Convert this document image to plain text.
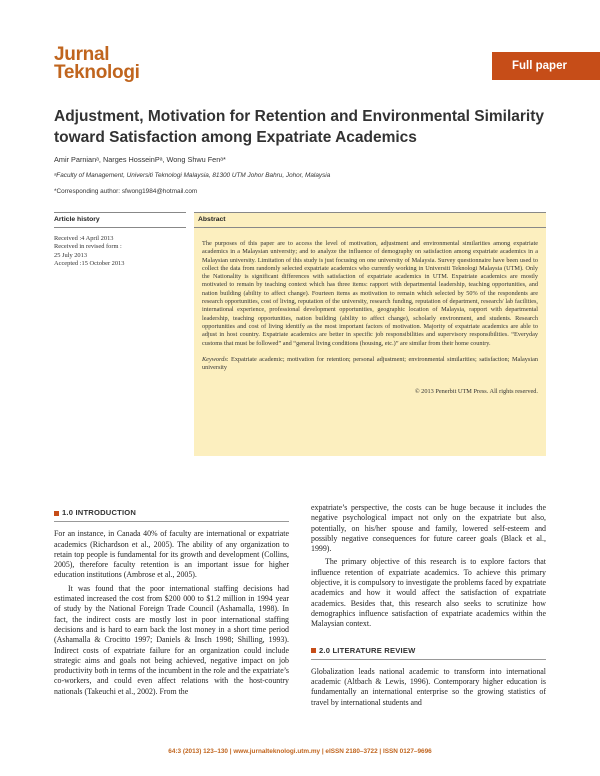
Jurnal
Teknologi	Full paper
Adjustment, Motivation for Retention and Environmental Similarity toward Satisfaction among Expatriate Academics
Amir Parnianᵃ, Narges HosseinPᵃ, Wong Shwu Fenᵃ*
ᵃFaculty of Management, Universiti Teknologi Malaysia, 81300 UTM Johor Bahru, Johor, Malaysia
*Corresponding author: sfwong1984@hotmail.com
Article history
Received :4 April 2013
Received in revised form :
25 July 2013
Accepted :15 October 2013
Abstract
The purposes of this paper are to access the level of motivation, adjustment and environmental similarities among expatriate academics in a Malaysian university; and to analyze the influence of demography on satisfaction among expatriate academics in a Malaysian university. Limitation of this study is just focusing on one university of Malaysia. Survey questionnaire have been used to collect the data from randomly selected expatriate academics who currently working in Universiti Teknologi Malaysia (UTM). Only the Nationality is significant differences with satisfaction of expatriate academics in UTM. Expatriate academics are mostly motivated to remain by teaching context which has three items: rapport with departmental leadership, teaching opportunities, and nation building (ability to affect change). Fourteen items as motivation to remain which selected by 50% of the respondents are research opportunities, cost of living, reputation of the university, research funding, reputation of department, research/ lab facilities, international experience, professional development opportunities, geographic location of Malaysia, rapport with departmental leadership, teaching opportunities, nation building (ability to affect change), scholarly environment, and students. Research opportunities and cost of living identify as the most important factors of motivation. Majority of expatriate academics are able to adjust in host country. Expatriate academics are better in specific job responsibilities and supervisory responsibilities. “Everyday customs that must be followed” and “general living conditions (housing, etc.)” are similar from their home country.
Keywords: Expatriate academic; motivation for retention; personal adjustment; environmental similarities; satisfaction; Malaysian university
© 2013 Penerbit UTM Press. All rights reserved.
1.0 INTRODUCTION

For an instance, in Canada 40% of faculty are international or expatriate academics (Richardson et al., 2005). The ability of any organization to retain top people is fundamental for its growth and development (Collins, 2005), therefore faculty retention is an important issue for higher education institutions (Ambrose et al., 2005).

It was found that the poor international staffing decisions had estimated increased the cost from $200 000 to $1.2 million in 1994 year of study by the National Foreign Trade Council (Ashamalla, 1998). In fact, the indirect costs are mostly lost in poor international staffing decisions and is hard to earn back the lost money in a short time period (Ashamalla & Crocitto 1997; Daniels & Insch 1998; Shilling, 1993). Indirect costs of expatriate failure for an organization could include strategic aims and goals not being achieved, negative impact on job productivity both in terms of the incumbent in the role and the expatriate’s co-workers, and could even affect relations with the host-country nationals (Takeuchi et al., 2002). From the

expatriate’s perspective, the costs can be huge because it includes the negative psychological impact not only on the expatriate but also, potentially, on his/her spouse and family, lowered self-esteem and possibly negative consequences for future career goals (Black et al., 1999).

The primary objective of this research is to explore factors that influence retention of expatriate academics. To achieve this primary objective, it is compulsory to investigate the problems faced by expatriate academics and how it would affect the satisfaction of expatriate academics. Besides that, this research also seeks to scrutinize how demographics influence satisfaction of expatriate academics within the Malaysian context.

2.0 LITERATURE REVIEW

Globalization leads national academic to transform into international academic (Altbach & Lewis, 1996). Contemporary higher education is fundamentally an international enterprise so the growing statistics of travel by international students and

64:3 (2013) 123–130 | www.jurnalteknologi.utm.my | eISSN 2180–3722 | ISSN 0127–9696
